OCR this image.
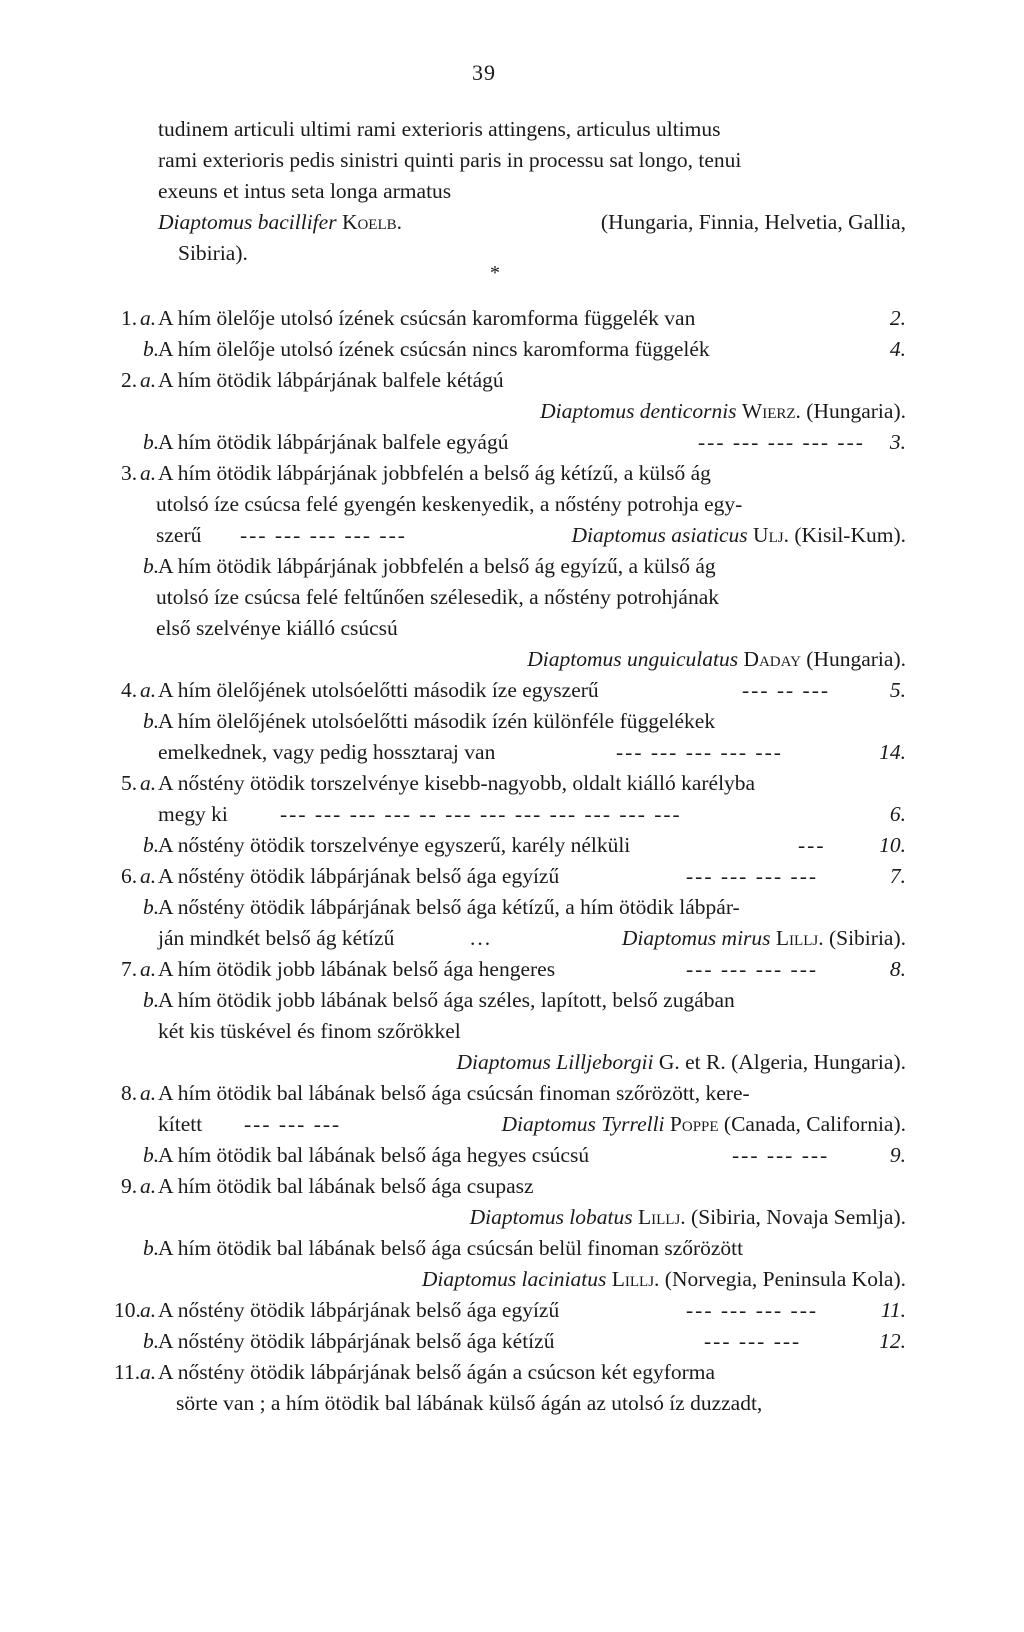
39
tudinem articuli ultimi rami exterioris attingens, articulus ultimus
rami exterioris pedis sinistri quinti paris in processu sat longo, tenui
exeuns et intus seta longa armatus
Diaptomus bacillifer Koelb.	(Hungaria, Finnia, Helvetia, Gallia,
Sibiria).
*
1. a. A hím ölelője utolsó ízének csúcsán karomforma függelék van	2.
b.
A hím ölelője utolsó ízének csúcsán nincs karomforma függelék	4.
2. a. A hím ötödik lábpárjának balfele kétágú
Diaptomus denticornis Wierz. (Hungaria).
b.
A hím ötödik lábpárjának balfele egyágú	--- --- --- --- --- 3.
3. a. A hím ötödik lábpárjának jobbfelén a belső ág kétízű, a külső ág
utolsó íze csúcsa felé gyengén keskenyedik, a nőstény potrohja egy-
szerű --- --- --- --- ---	Diaptomus asiaticus Ulj. (Kisil-Kum).
b.
A hím ötödik lábpárjának jobbfelén a belső ág egyízű, a külső ág
utolsó íze csúcsa felé feltűnően szélesedik, a nőstény potrohjának
első szelvénye kiálló csúcsú
Diaptomus unguiculatus Daday (Hungaria).
4. a. A hím ölelőjének utolsóelőtti második íze egyszerű	--- -- ---	5.
b.
A hím ölelőjének utolsóelőtti második ízén különféle függelékek
emelkednek, vagy pedig hossztaraj van	--- --- --- --- ---	14.
5. a. A nőstény ötödik torszelvénye kisebb-nagyobb, oldalt kiálló karélyba
megy ki --- --- --- --- -- --- --- --- --- --- --- ---	6.
b.
A nőstény ötödik torszelvénye egyszerű, karély nélküli	--- 10.
6. a. A nőstény ötödik lábpárjának belső ága egyízű	--- --- --- ---	7.
b.
A nőstény ötödik lábpárjának belső ága kétízű, a hím ötödik lábpár-
ján mindkét belső ág kétízű	...	Diaptomus mirus Lillj. (Sibiria).
7. a. A hím ötödik jobb lábának belső ága hengeres	--- --- --- ---	8.
b.
A hím ötödik jobb lábának belső ága széles, lapított, belső zugában
két kis tüskével és finom szőrökkel
Diaptomus Lilljeborgii G. et R. (Algeria, Hungaria).
8. a. A hím ötödik bal lábának belső ága csúcsán finoman szőrözött, kere-
kített --- --- ---	Diaptomus Tyrrelli Poppe (Canada, California).
b.
A hím ötödik bal lábának belső ága hegyes csúcsú	--- --- ---	9.
9. a. A hím ötödik bal lábának belső ága csupasz
Diaptomus lobatus Lillj. (Sibiria, Novaja Semlja).
b.
A hím ötödik bal lábának belső ága csúcsán belül finoman szőrözött
Diaptomus laciniatus Lillj. (Norvegia, Peninsula Kola).
10. a. A nőstény ötödik lábpárjának belső ága egyízű	--- --- --- ---	11.
b.
A nőstény ötödik lábpárjának belső ága kétízű	--- --- ---	12.
11. a. A nőstény ötödik lábpárjának belső ágán a csúcson két egyforma
sörte van ; a hím ötödik bal lábának külső ágán az utolsó íz duzzadt,
